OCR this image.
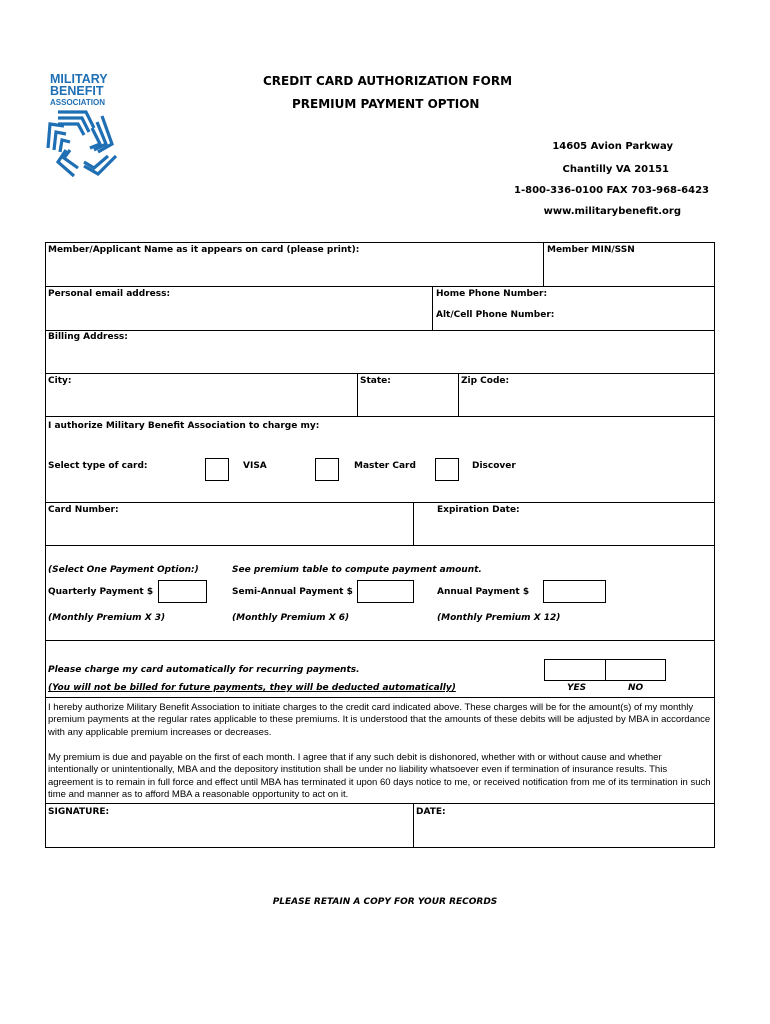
MILITARY
BENEFIT
ASSOCIATION
CREDIT CARD AUTHORIZATION FORM
PREMIUM PAYMENT OPTION
14605 Avion Parkway
Chantilly VA 20151
1-800-336-0100 FAX 703-968-6423
www.militarybenefit.org
Member/Applicant Name as it appears on card (please print):	Member MIN/SSN
Personal email address:	Home Phone Number:
Alt/Cell Phone Number:
Billing Address:
City:	State:	Zip Code:
I authorize Military Benefit Association to charge my:
Select type of card:	VISA	Master Card	Discover
Card Number:	Expiration Date:
(Select One Payment Option:)	See premium table to compute payment amount.
Quarterly Payment $	Semi-Annual Payment $	Annual Payment $
(Monthly Premium X 3)	(Monthly Premium X 6)	(Monthly Premium X 12)
Please charge my card automatically for recurring payments.
(You will not be billed for future payments, they will be deducted automatically)	YES	NO
I hereby authorize Military Benefit Association to initiate charges to the credit card indicated above. These charges will be for the amount(s) of my monthly premium payments at the regular rates applicable to these premiums. It is understood that the amounts of these debits will be adjusted by MBA in accordance with any applicable premium increases or decreases.
My premium is due and payable on the first of each month. I agree that if any such debit is dishonored, whether with or without cause and whether intentionally or unintentionally, MBA and the depository institution shall be under no liability whatsoever even if termination of insurance results. This agreement is to remain in full force and effect until MBA has terminated it upon 60 days notice to me, or received notification from me of its termination in such time and manner as to afford MBA a reasonable opportunity to act on it.
SIGNATURE:	DATE:
PLEASE RETAIN A COPY FOR YOUR RECORDS
